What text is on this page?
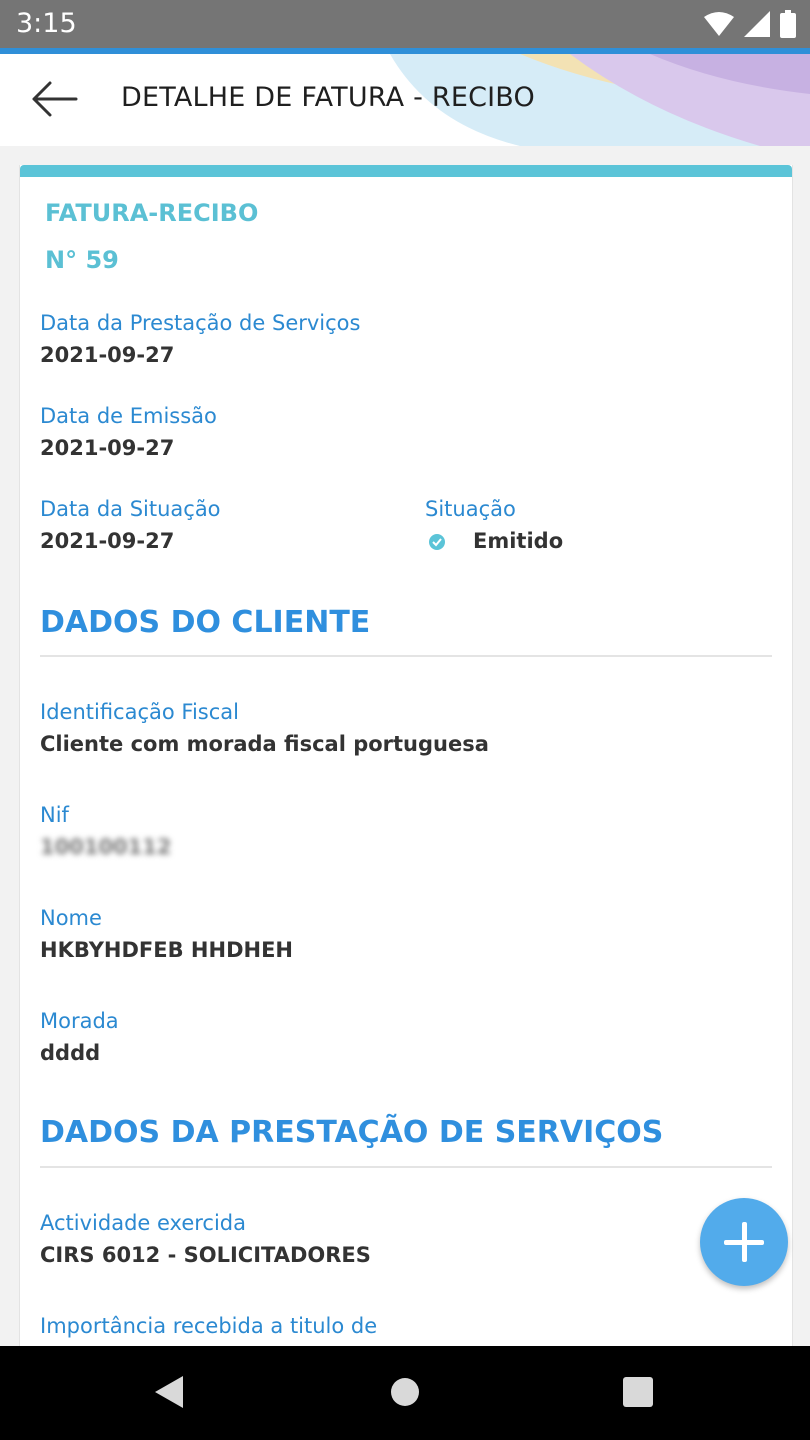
3:15
DETALHE DE FATURA - RECIBO
FATURA-RECIBO
N° 59
Data da Prestação de Serviços
2021-09-27
Data de Emissão
2021-09-27
Data da Situação
2021-09-27
Situação
Emitido
DADOS DO CLIENTE
Identificação Fiscal
Cliente com morada fiscal portuguesa
Nif
100100112
Nome
HKBYHDFEB HHDHEH
Morada
dddd
DADOS DA PRESTAÇÃO DE SERVIÇOS
Actividade exercida
CIRS 6012 - SOLICITADORES
Importância recebida a titulo de
